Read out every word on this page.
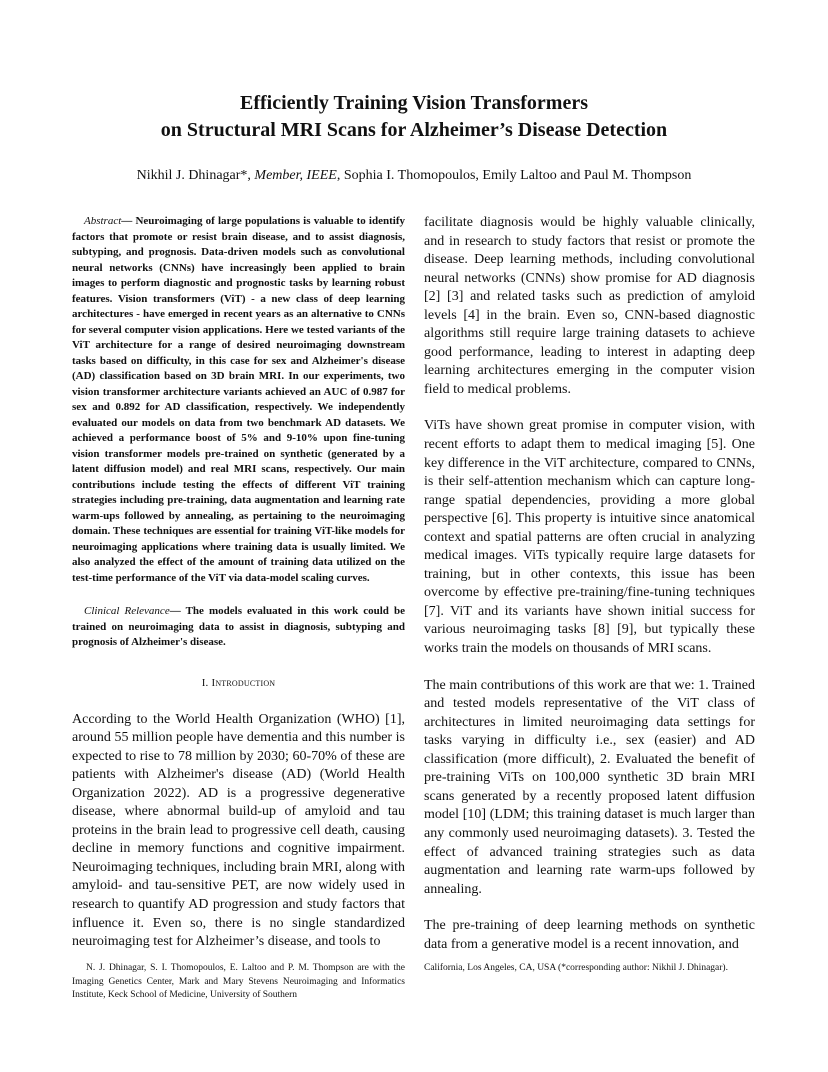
Efficiently Training Vision Transformers
on Structural MRI Scans for Alzheimer’s Disease Detection

Nikhil J. Dhinagar*, Member, IEEE, Sophia I. Thomopoulos, Emily Laltoo and Paul M. Thompson

Abstract— Neuroimaging of large populations is valuable to identify factors that promote or resist brain disease, and to assist diagnosis, subtyping, and prognosis. Data-driven models such as convolutional neural networks (CNNs) have increasingly been applied to brain images to perform diagnostic and prognostic tasks by learning robust features. Vision transformers (ViT) - a new class of deep learning architectures - have emerged in recent years as an alternative to CNNs for several computer vision applications. Here we tested variants of the ViT architecture for a range of desired neuroimaging downstream tasks based on difficulty, in this case for sex and Alzheimer's disease (AD) classification based on 3D brain MRI. In our experiments, two vision transformer architecture variants achieved an AUC of 0.987 for sex and 0.892 for AD classification, respectively. We independently evaluated our models on data from two benchmark AD datasets. We achieved a performance boost of 5% and 9-10% upon fine-tuning vision transformer models pre-trained on synthetic (generated by a latent diffusion model) and real MRI scans, respectively. Our main contributions include testing the effects of different ViT training strategies including pre-training, data augmentation and learning rate warm-ups followed by annealing, as pertaining to the neuroimaging domain. These techniques are essential for training ViT-like models for neuroimaging applications where training data is usually limited. We also analyzed the effect of the amount of training data utilized on the test-time performance of the ViT via data-model scaling curves.

Clinical Relevance— The models evaluated in this work could be trained on neuroimaging data to assist in diagnosis, subtyping and prognosis of Alzheimer's disease.

I. Introduction

According to the World Health Organization (WHO) [1], around 55 million people have dementia and this number is expected to rise to 78 million by 2030; 60-70% of these are patients with Alzheimer's disease (AD) (World Health Organization 2022). AD is a progressive degenerative disease, where abnormal build-up of amyloid and tau proteins in the brain lead to progressive cell death, causing decline in memory functions and cognitive impairment. Neuroimaging techniques, including brain MRI, along with amyloid- and tau-sensitive PET, are now widely used in research to quantify AD progression and study factors that influence it. Even so, there is no single standardized neuroimaging test for Alzheimer’s disease, and tools to

facilitate diagnosis would be highly valuable clinically, and in research to study factors that resist or promote the disease. Deep learning methods, including convolutional neural networks (CNNs) show promise for AD diagnosis [2] [3] and related tasks such as prediction of amyloid levels [4] in the brain. Even so, CNN-based diagnostic algorithms still require large training datasets to achieve good performance, leading to interest in adapting deep learning architectures emerging in the computer vision field to medical problems.

ViTs have shown great promise in computer vision, with recent efforts to adapt them to medical imaging [5]. One key difference in the ViT architecture, compared to CNNs, is their self-attention mechanism which can capture long-range spatial dependencies, providing a more global perspective [6]. This property is intuitive since anatomical context and spatial patterns are often crucial in analyzing medical images. ViTs typically require large datasets for training, but in other contexts, this issue has been overcome by effective pre-training/fine-tuning techniques [7]. ViT and its variants have shown initial success for various neuroimaging tasks [8] [9], but typically these works train the models on thousands of MRI scans.

The main contributions of this work are that we: 1. Trained and tested models representative of the ViT class of architectures in limited neuroimaging data settings for tasks varying in difficulty i.e., sex (easier) and AD classification (more difficult), 2. Evaluated the benefit of pre-training ViTs on 100,000 synthetic 3D brain MRI scans generated by a recently proposed latent diffusion model [10] (LDM; this training dataset is much larger than any commonly used neuroimaging datasets). 3. Tested the effect of advanced training strategies such as data augmentation and learning rate warm-ups followed by annealing.

The pre-training of deep learning methods on synthetic data from a generative model is a recent innovation, and

N. J. Dhinagar, S. I. Thomopoulos, E. Laltoo and P. M. Thompson are with the Imaging Genetics Center, Mark and Mary Stevens Neuroimaging and Informatics Institute, Keck School of Medicine, University of Southern

California, Los Angeles, CA, USA (*corresponding author: Nikhil J. Dhinagar).
